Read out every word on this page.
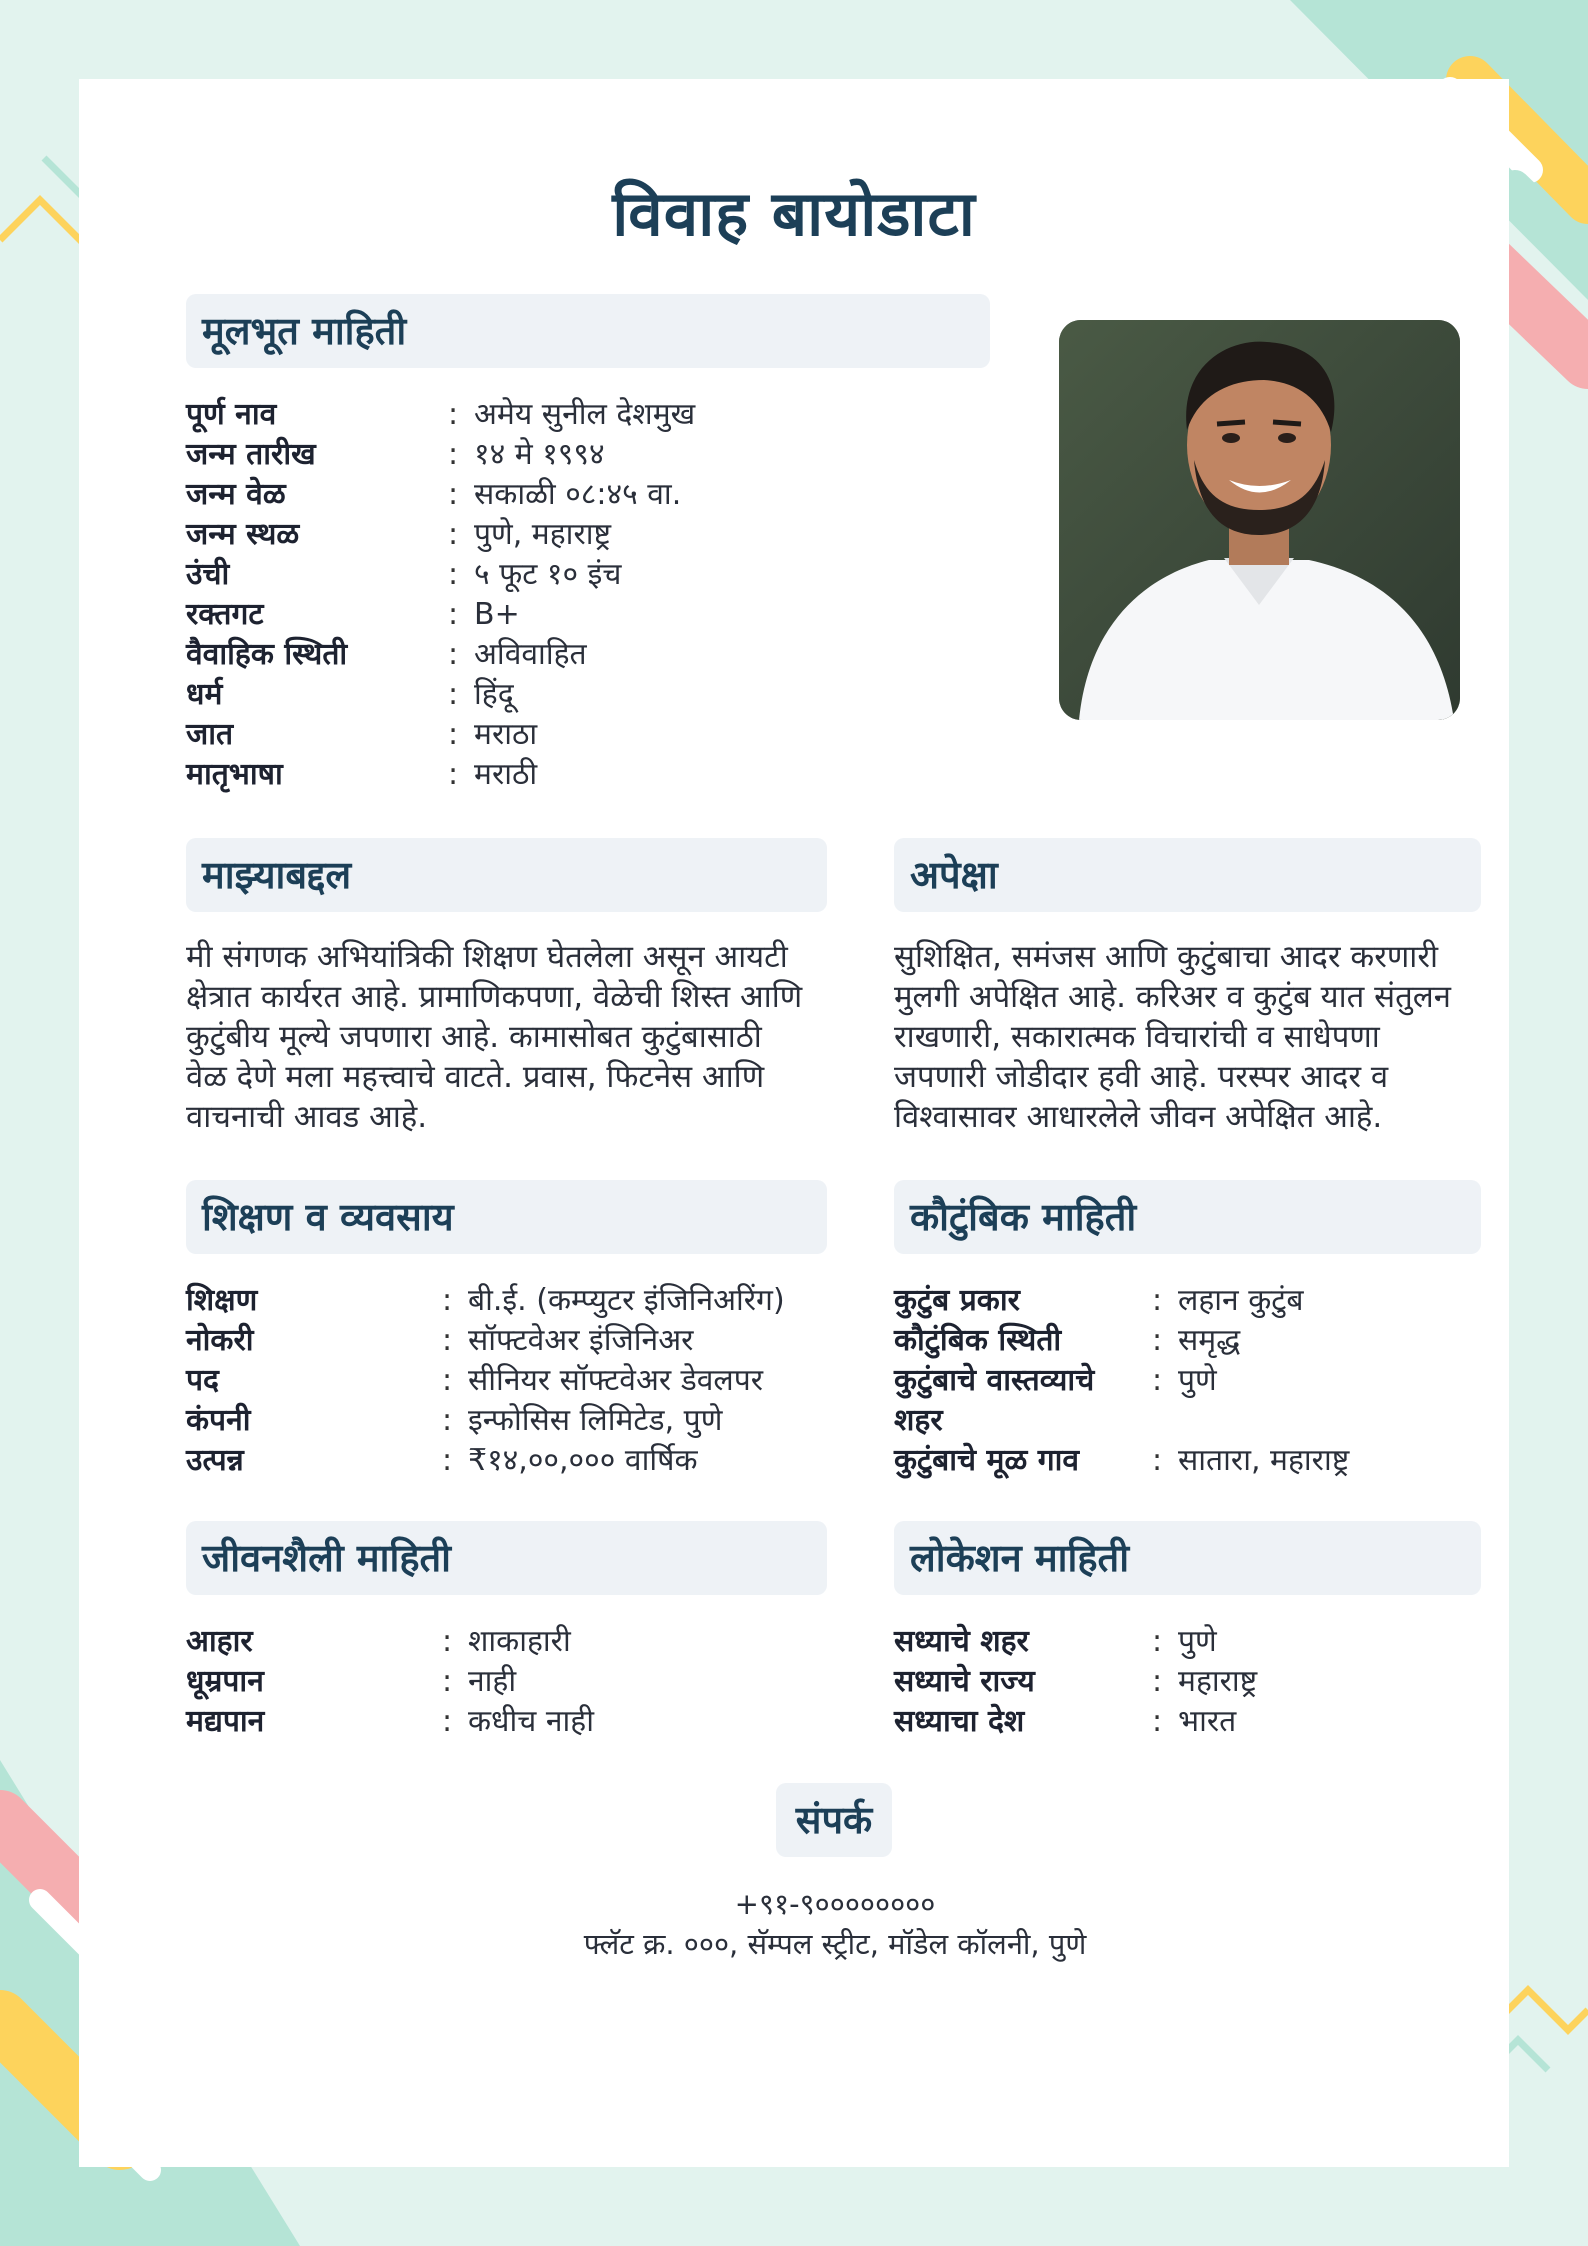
विवाह बायोडाटा
मूलभूत माहिती
पूर्ण नाव	: अमेय सुनील देशमुख
जन्म तारीख	: १४ मे १९९४
जन्म वेळ	: सकाळी ०८:४५ वा.
जन्म स्थळ	: पुणे, महाराष्ट्र
उंची	: ५ फूट १० इंच
रक्तगट	: B+
वैवाहिक स्थिती	: अविवाहित
धर्म	: हिंदू
जात	: मराठा
मातृभाषा	: मराठी
माझ्याबद्दल
मी संगणक अभियांत्रिकी शिक्षण घेतलेला असून आयटी
क्षेत्रात कार्यरत आहे. प्रामाणिकपणा, वेळेची शिस्त आणि
कुटुंबीय मूल्ये जपणारा आहे. कामासोबत कुटुंबासाठी
वेळ देणे मला महत्त्वाचे वाटते. प्रवास, फिटनेस आणि
वाचनाची आवड आहे.
अपेक्षा
सुशिक्षित, समंजस आणि कुटुंबाचा आदर करणारी
मुलगी अपेक्षित आहे. करिअर व कुटुंब यात संतुलन
राखणारी, सकारात्मक विचारांची व साधेपणा
जपणारी जोडीदार हवी आहे. परस्पर आदर व
विश्वासावर आधारलेले जीवन अपेक्षित आहे.
शिक्षण व व्यवसाय
शिक्षण	: बी.ई. (कम्प्युटर इंजिनिअरिंग)
नोकरी	: सॉफ्टवेअर इंजिनिअर
पद	: सीनियर सॉफ्टवेअर डेवलपर
कंपनी	: इन्फोसिस लिमिटेड, पुणे
उत्पन्न	: ₹१४,००,००० वार्षिक
कौटुंबिक माहिती
कुटुंब प्रकार	: लहान कुटुंब
कौटुंबिक स्थिती	: समृद्ध
कुटुंबाचे वास्तव्याचे शहर
: पुणे
कुटुंबाचे मूळ गाव	: सातारा, महाराष्ट्र
जीवनशैली माहिती
आहार	: शाकाहारी
धूम्रपान	: नाही
मद्यपान	: कधीच नाही
लोकेशन माहिती
सध्याचे शहर	: पुणे
सध्याचे राज्य	: महाराष्ट्र
सध्याचा देश	: भारत
संपर्क
+९१-९००००००००
फ्लॅट क्र. ०००, सॅम्पल स्ट्रीट, मॉडेल कॉलनी, पुणे
